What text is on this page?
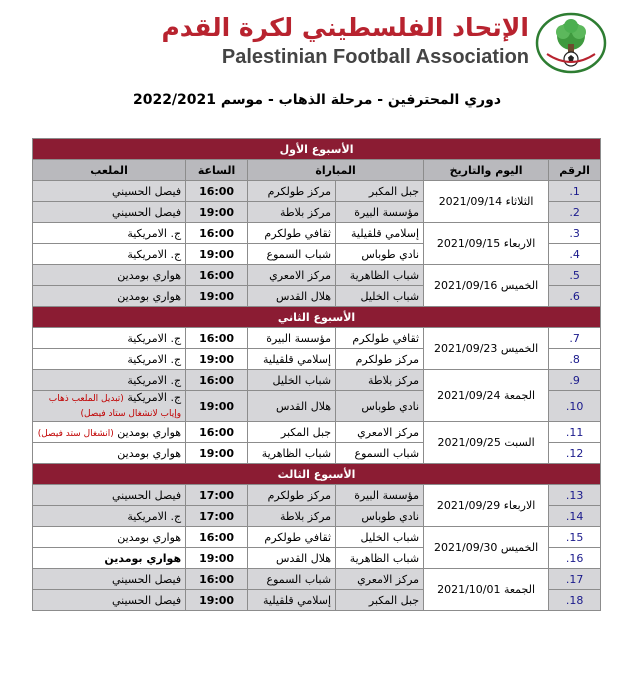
الإتحاد الفلسطيني لكرة القدم
Palestinian Football Association
دوري المحترفين - مرحلة الذهاب - موسم 2022/2021
الأسبوع الأول					
الرقم	اليوم والتاريخ	المباراة		الساعة	الملعب
1.	الثلاثاء 2021/09/14	جبل المكبر	مركز طولكرم	16:00	فيصل الحسيني
2.		مؤسسة البيرة	مركز بلاطة	19:00	فيصل الحسيني
3.	الاربعاء 2021/09/15	إسلامي قلقيلية	ثقافي طولكرم	16:00	ج. الامريكية
4.		نادي طوباس	شباب السموع	19:00	ج. الامريكية
5.	الخميس 2021/09/16	شباب الظاهرية	مركز الامعري	16:00	هواري بومدين
6.		شباب الخليل	هلال القدس	19:00	هواري بومدين
الأسبوع الثاني					
7.	الخميس 2021/09/23	ثقافي طولكرم	مؤسسة البيرة	16:00	ج. الامريكية
8.		مركز طولكرم	إسلامي قلقيلية	19:00	ج. الامريكية
9.	الجمعة 2021/09/24	مركز بلاطة	شباب الخليل	16:00	ج. الامريكية
10.		نادي طوباس	هلال القدس	19:00	ج. الامريكية (تبديل الملعب ذهاب وإياب لانشغال ستاد فيصل)
11.	السبت 2021/09/25	مركز الامعري	جبل المكبر	16:00	هواري بومدين (انشغال ستد فيصل)
12.		شباب السموع	شباب الظاهرية	19:00	هواري بومدين
الأسبوع الثالث					
13.	الاربعاء 2021/09/29	مؤسسة البيرة	مركز طولكرم	17:00	فيصل الحسيني
14.		نادي طوباس	مركز بلاطة	17:00	ج. الامريكية
15.	الخميس 2021/09/30	شباب الخليل	ثقافي طولكرم	16:00	هواري بومدين
16.		شباب الظاهرية	هلال القدس	19:00	هواري بومدين
17.	الجمعة 2021/10/01	مركز الامعري	شباب السموع	16:00	فيصل الحسيني
18.		جبل المكبر	إسلامي قلقيلية	19:00	فيصل الحسيني
